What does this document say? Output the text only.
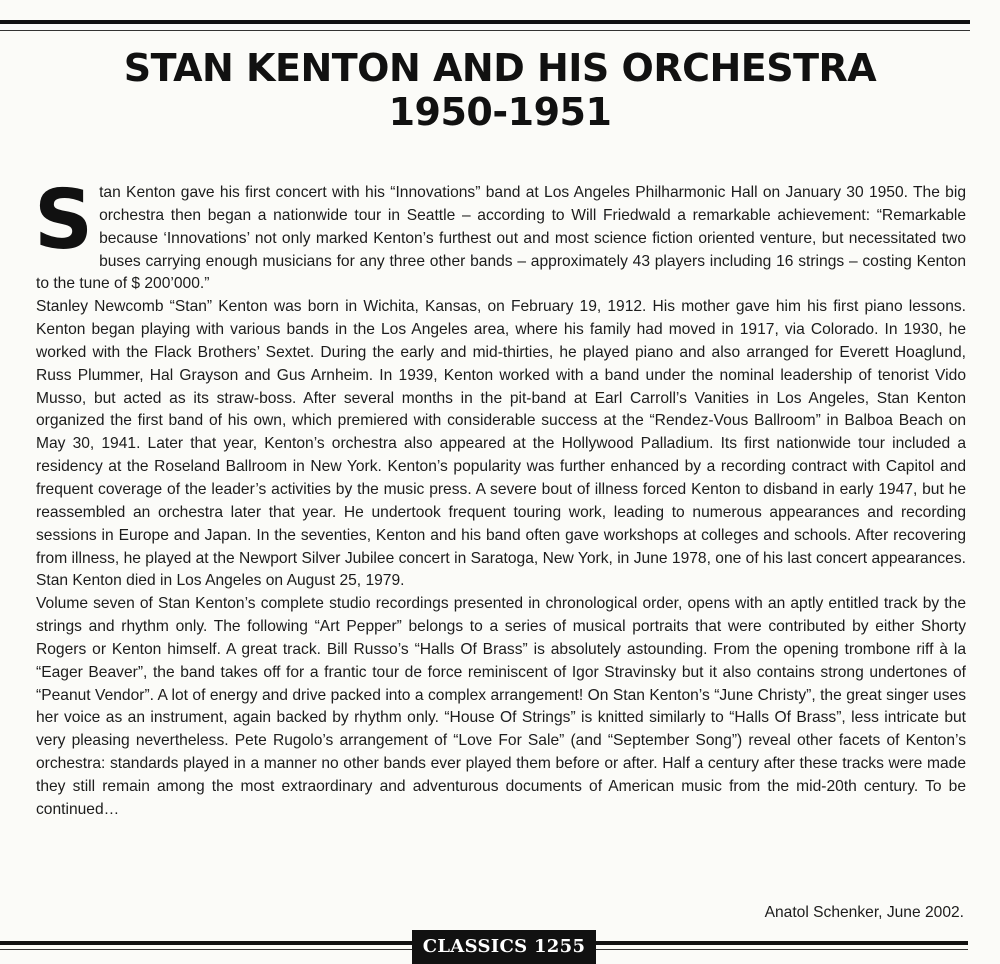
STAN KENTON AND HIS ORCHESTRA
1950-1951

Stan Kenton gave his first concert with his “Innovations” band at Los Angeles Philharmonic Hall on January 30 1950. The big orchestra then began a nationwide tour in Seattle – according to Will Friedwald a remarkable achievement: “Remarkable because ‘Innovations’ not only marked Kenton’s furthest out and most science fiction oriented venture, but necessitated two buses carrying enough musicians for any three other bands – approximately 43 players including 16 strings – costing Kenton to the tune of $ 200’000.”

Stanley Newcomb “Stan” Kenton was born in Wichita, Kansas, on February 19, 1912. His mother gave him his first piano lessons. Kenton began playing with various bands in the Los Angeles area, where his family had moved in 1917, via Colorado. In 1930, he worked with the Flack Brothers’ Sextet. During the early and mid-thirties, he played piano and also arranged for Everett Hoaglund, Russ Plummer, Hal Grayson and Gus Arnheim. In 1939, Kenton worked with a band under the nominal leadership of tenorist Vido Musso, but acted as its straw-boss. After several months in the pit-band at Earl Carroll’s Vanities in Los Angeles, Stan Kenton organized the first band of his own, which premiered with considerable success at the “Rendez-Vous Ballroom” in Balboa Beach on May 30, 1941. Later that year, Kenton’s orchestra also appeared at the Hollywood Palladium. Its first nationwide tour included a residency at the Roseland Ballroom in New York. Kenton’s popularity was further enhanced by a recording contract with Capitol and frequent coverage of the leader’s activities by the music press. A severe bout of illness forced Kenton to disband in early 1947, but he reassembled an orchestra later that year. He undertook frequent touring work, leading to numerous appearances and recording sessions in Europe and Japan. In the seventies, Kenton and his band often gave workshops at colleges and schools. After recovering from illness, he played at the Newport Silver Jubilee concert in Saratoga, New York, in June 1978, one of his last concert appearances. Stan Kenton died in Los Angeles on August 25, 1979.

Volume seven of Stan Kenton’s complete studio recordings presented in chronological order, opens with an aptly entitled track by the strings and rhythm only. The following “Art Pepper” belongs to a series of musical portraits that were contributed by either Shorty Rogers or Kenton himself. A great track. Bill Russo’s “Halls Of Brass” is absolutely astounding. From the opening trombone riff à la “Eager Beaver”, the band takes off for a frantic tour de force reminiscent of Igor Stravinsky but it also contains strong undertones of “Peanut Vendor”. A lot of energy and drive packed into a complex arrangement! On Stan Kenton’s “June Christy”, the great singer uses her voice as an instrument, again backed by rhythm only. “House Of Strings” is knitted similarly to “Halls Of Brass”, less intricate but very pleasing nevertheless. Pete Rugolo’s arrangement of “Love For Sale” (and “September Song”) reveal other facets of Kenton’s orchestra: standards played in a manner no other bands ever played them before or after. Half a century after these tracks were made they still remain among the most extraordinary and adventurous documents of American music from the mid-20th century. To be continued…

Anatol Schenker, June 2002.
CLASSICS 1255
